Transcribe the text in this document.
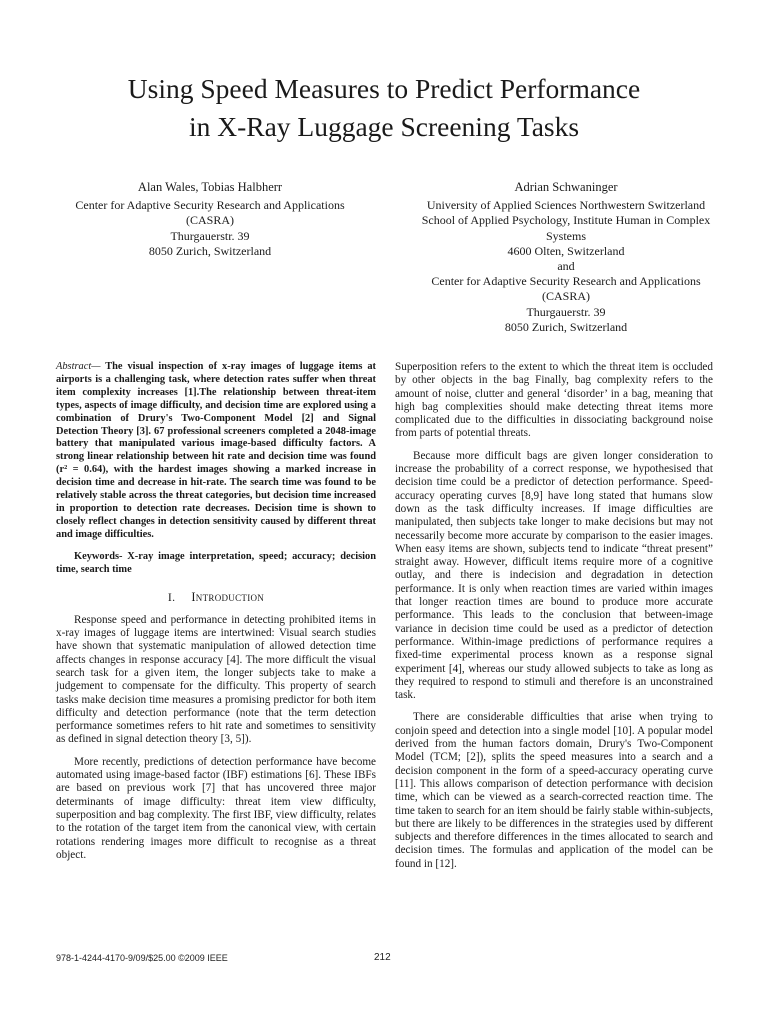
Using Speed Measures to Predict Performance
in X-Ray Luggage Screening Tasks
Alan Wales, Tobias Halbherr
Center for Adaptive Security Research and Applications
(CASRA)
Thurgauerstr. 39
8050 Zurich, Switzerland
Adrian Schwaninger
University of Applied Sciences Northwestern Switzerland
School of Applied Psychology, Institute Human in Complex
Systems
4600 Olten, Switzerland
and
Center for Adaptive Security Research and Applications
(CASRA)
Thurgauerstr. 39
8050 Zurich, Switzerland

Abstract— The visual inspection of x-ray images of luggage items at airports is a challenging task, where detection rates suffer when threat item complexity increases [1].The relationship between threat-item types, aspects of image difficulty, and decision time are explored using a combination of Drury's Two-Component Model [2] and Signal Detection Theory [3]. 67 professional screeners completed a 2048-image battery that manipulated various image-based difficulty factors. A strong linear relationship between hit rate and decision time was found (r² = 0.64), with the hardest images showing a marked increase in decision time and decrease in hit-rate. The search time was found to be relatively stable across the threat categories, but decision time increased in proportion to detection rate decreases. Decision time is shown to closely reflect changes in detection sensitivity caused by different threat and image difficulties.

Keywords- X-ray image interpretation, speed; accuracy; decision time, search time

I. Introduction

Response speed and performance in detecting prohibited items in x-ray images of luggage items are intertwined: Visual search studies have shown that systematic manipulation of allowed detection time affects changes in response accuracy [4]. The more difficult the visual search task for a given item, the longer subjects take to make a judgement to compensate for the difficulty. This property of search tasks make decision time measures a promising predictor for both item difficulty and detection performance (note that the term detection performance sometimes refers to hit rate and sometimes to sensitivity as defined in signal detection theory [3, 5]).

More recently, predictions of detection performance have become automated using image-based factor (IBF) estimations [6]. These IBFs are based on previous work [7] that has uncovered three major determinants of image difficulty: threat item view difficulty, superposition and bag complexity. The first IBF, view difficulty, relates to the rotation of the target item from the canonical view, with certain rotations rendering images more difficult to recognise as a threat object.

Superposition refers to the extent to which the threat item is occluded by other objects in the bag Finally, bag complexity refers to the amount of noise, clutter and general ‘disorder’ in a bag, meaning that high bag complexities should make detecting threat items more complicated due to the difficulties in dissociating background noise from parts of potential threats.

Because more difficult bags are given longer consideration to increase the probability of a correct response, we hypothesised that decision time could be a predictor of detection performance. Speed-accuracy operating curves [8,9] have long stated that humans slow down as the task difficulty increases. If image difficulties are manipulated, then subjects take longer to make decisions but may not necessarily become more accurate by comparison to the easier images. When easy items are shown, subjects tend to indicate “threat present” straight away. However, difficult items require more of a cognitive outlay, and there is indecision and degradation in detection performance. It is only when reaction times are varied within images that longer reaction times are bound to produce more accurate performance. This leads to the conclusion that between-image variance in decision time could be used as a predictor of detection performance. Within-image predictions of performance requires a fixed-time experimental process known as a response signal experiment [4], whereas our study allowed subjects to take as long as they required to respond to stimuli and therefore is an unconstrained task.

There are considerable difficulties that arise when trying to conjoin speed and detection into a single model [10]. A popular model derived from the human factors domain, Drury's Two-Component Model (TCM; [2]), splits the speed measures into a search and a decision component in the form of a speed-accuracy operating curve [11]. This allows comparison of detection performance with decision time, which can be viewed as a search-corrected reaction time. The time taken to search for an item should be fairly stable within-subjects, but there are likely to be differences in the strategies used by different subjects and therefore differences in the times allocated to search and decision times. The formulas and application of the model can be found in [12].

978-1-4244-4170-9/09/$25.00 ©2009 IEEE	212
